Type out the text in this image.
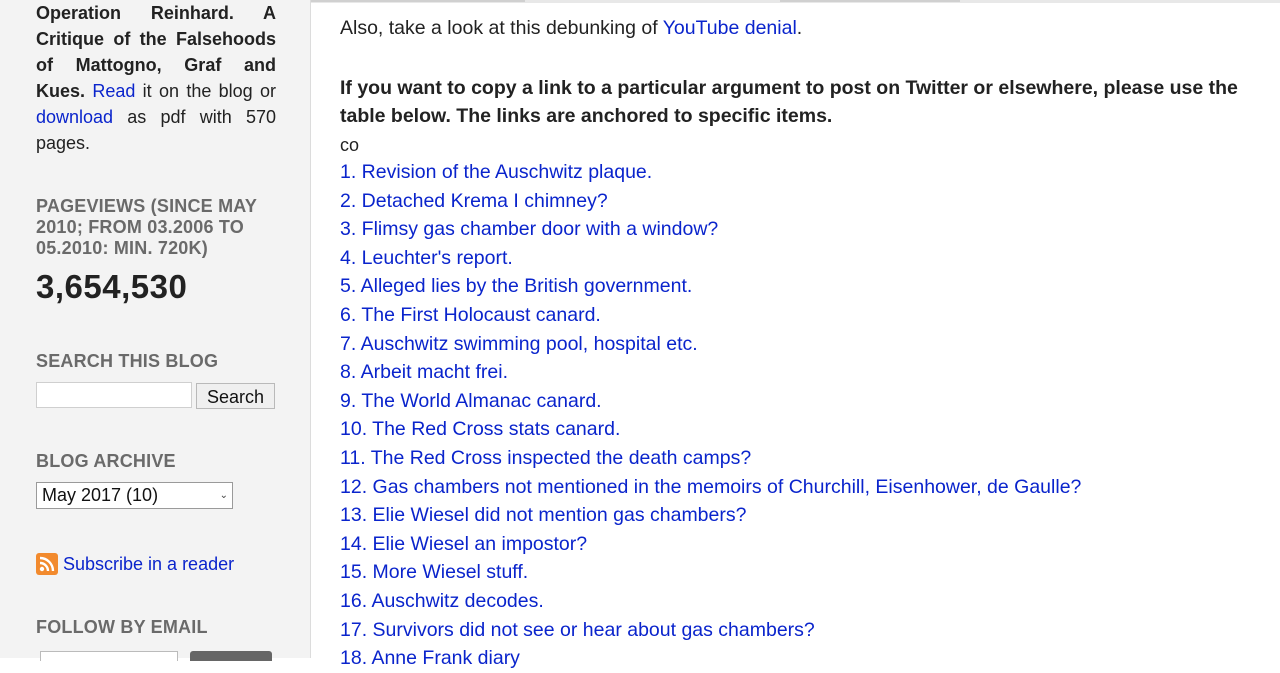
Operation Reinhard. A Critique of the Falsehoods of Mattogno, Graf and Kues. Read it on the blog or download as pdf with 570 pages.
PAGEVIEWS (SINCE MAY 2010; FROM 03.2006 TO 05.2010: MIN. 720K)
3,654,530
SEARCH THIS BLOG
Search
BLOG ARCHIVE
May 2017 (10)	⌄
Subscribe in a reader
FOLLOW BY EMAIL
Also, take a look at this debunking of YouTube denial.
If you want to copy a link to a particular argument to post on Twitter or elsewhere, please use the table below. The links are anchored to specific items.
co
1. Revision of the Auschwitz plaque.
2. Detached Krema I chimney?
3. Flimsy gas chamber door with a window?
4. Leuchter's report.
5. Alleged lies by the British government.
6. The First Holocaust canard.
7. Auschwitz swimming pool, hospital etc.
8. Arbeit macht frei.
9. The World Almanac canard.
10. The Red Cross stats canard.
11. The Red Cross inspected the death camps?
12. Gas chambers not mentioned in the memoirs of Churchill, Eisenhower, de Gaulle?
13. Elie Wiesel did not mention gas chambers?
14. Elie Wiesel an impostor?
15. More Wiesel stuff.
16. Auschwitz decodes.
17. Survivors did not see or hear about gas chambers?
18. Anne Frank diary
